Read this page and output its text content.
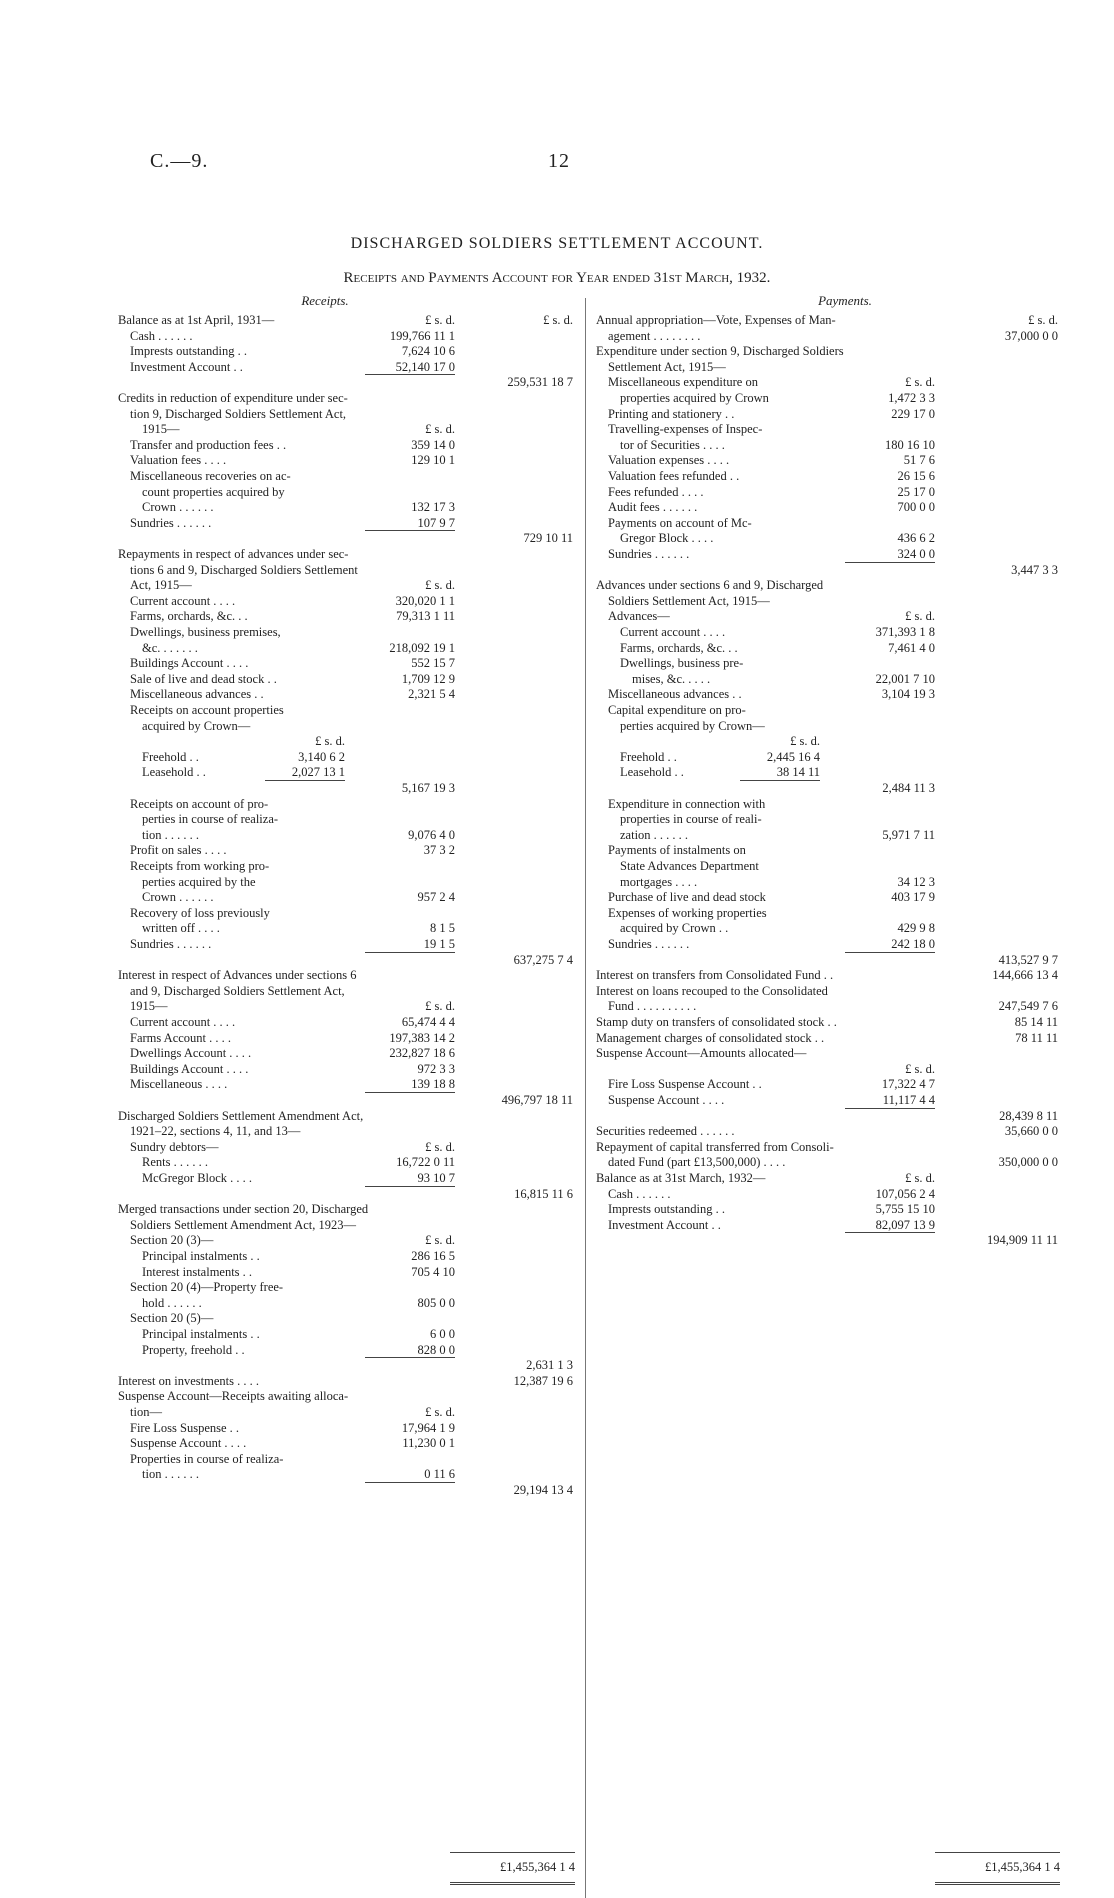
C.—9.	12
DISCHARGED SOLDIERS SETTLEMENT ACCOUNT.
Receipts and Payments Account for Year ended 31st March, 1932.
Receipts.	Payments.
Balance as at 1st April, 1931—	£ s. d.	£ s. d.
Cash . . . . . .	199,766 11 1
Imprests outstanding . .	7,624 10 6
Investment Account . .	52,140 17 0
259,531 18 7
Credits in reduction of expenditure under sec-
tion 9, Discharged Soldiers Settlement Act,
1915—	£ s. d.
Transfer and production fees . .	359 14 0
Valuation fees . . . .	129 10 1
Miscellaneous recoveries on ac-
count properties acquired by
Crown . . . . . .	132 17 3
Sundries . . . . . .	107 9 7
729 10 11
Repayments in respect of advances under sec-
tions 6 and 9, Discharged Soldiers Settlement
Act, 1915—	£ s. d.
Current account . . . .	320,020 1 1
Farms, orchards, &c. . .	79,313 1 11
Dwellings, business premises,
&c. . . . . . .	218,092 19 1
Buildings Account . . . .	552 15 7
Sale of live and dead stock . .	1,709 12 9
Miscellaneous advances . .	2,321 5 4
Receipts on account properties
acquired by Crown—
£ s. d.
Freehold . .	3,140 6 2
Leasehold . .	2,027 13 1
5,167 19 3
Receipts on account of pro-
perties in course of realiza-
tion . . . . . .	9,076 4 0
Profit on sales . . . .	37 3 2
Receipts from working pro-
perties acquired by the
Crown . . . . . .	957 2 4
Recovery of loss previously
written off . . . .	8 1 5
Sundries . . . . . .	19 1 5
637,275 7 4
Interest in respect of Advances under sections 6
and 9, Discharged Soldiers Settlement Act,
1915—	£ s. d.
Current account . . . .	65,474 4 4
Farms Account . . . .	197,383 14 2
Dwellings Account . . . .	232,827 18 6
Buildings Account . . . .	972 3 3
Miscellaneous . . . .	139 18 8
496,797 18 11
Discharged Soldiers Settlement Amendment Act,
1921–22, sections 4, 11, and 13—
Sundry debtors—	£ s. d.
Rents . . . . . .	16,722 0 11
McGregor Block . . . .	93 10 7
16,815 11 6
Merged transactions under section 20, Discharged
Soldiers Settlement Amendment Act, 1923—
Section 20 (3)—	£ s. d.
Principal instalments . .	286 16 5
Interest instalments . .	705 4 10
Section 20 (4)—Property free-
hold . . . . . .	805 0 0
Section 20 (5)—
Principal instalments . .	6 0 0
Property, freehold . .	828 0 0
2,631 1 3
Interest on investments . . . .	12,387 19 6
Suspense Account—Receipts awaiting alloca-
tion—	£ s. d.
Fire Loss Suspense . .	17,964 1 9
Suspense Account . . . .	11,230 0 1
Properties in course of realiza-
tion . . . . . .	0 11 6
29,194 13 4
Annual appropriation—Vote, Expenses of Man-	£ s. d.
agement . . . . . . . .	37,000 0 0
Expenditure under section 9, Discharged Soldiers
Settlement Act, 1915—
Miscellaneous expenditure on	£ s. d.
properties acquired by Crown	1,472 3 3
Printing and stationery . .	229 17 0
Travelling-expenses of Inspec-
tor of Securities . . . .	180 16 10
Valuation expenses . . . .	51 7 6
Valuation fees refunded . .	26 15 6
Fees refunded . . . .	25 17 0
Audit fees . . . . . .	700 0 0
Payments on account of Mc-
Gregor Block . . . .	436 6 2
Sundries . . . . . .	324 0 0
3,447 3 3
Advances under sections 6 and 9, Discharged
Soldiers Settlement Act, 1915—
Advances—	£ s. d.
Current account . . . .	371,393 1 8
Farms, orchards, &c. . .	7,461 4 0
Dwellings, business pre-
mises, &c. . . . .	22,001 7 10
Miscellaneous advances . .	3,104 19 3
Capital expenditure on pro-
perties acquired by Crown—
£ s. d.
Freehold . .	2,445 16 4
Leasehold . .	38 14 11
2,484 11 3
Expenditure in connection with
properties in course of reali-
zation . . . . . .	5,971 7 11
Payments of instalments on
State Advances Department
mortgages . . . .	34 12 3
Purchase of live and dead stock	403 17 9
Expenses of working properties
acquired by Crown . .	429 9 8
Sundries . . . . . .	242 18 0
413,527 9 7
Interest on transfers from Consolidated Fund . .	144,666 13 4
Interest on loans recouped to the Consolidated
Fund . . . . . . . . . .	247,549 7 6
Stamp duty on transfers of consolidated stock . .	85 14 11
Management charges of consolidated stock . .	78 11 11
Suspense Account—Amounts allocated—
£ s. d.
Fire Loss Suspense Account . .	17,322 4 7
Suspense Account . . . .	11,117 4 4
28,439 8 11
Securities redeemed . . . . . .	35,660 0 0
Repayment of capital transferred from Consoli-
dated Fund (part £13,500,000) . . . .	350,000 0 0
Balance as at 31st March, 1932—	£ s. d.
Cash . . . . . .	107,056 2 4
Imprests outstanding . .	5,755 15 10
Investment Account . .	82,097 13 9
194,909 11 11
£1,455,364 1 4	£1,455,364 1 4
